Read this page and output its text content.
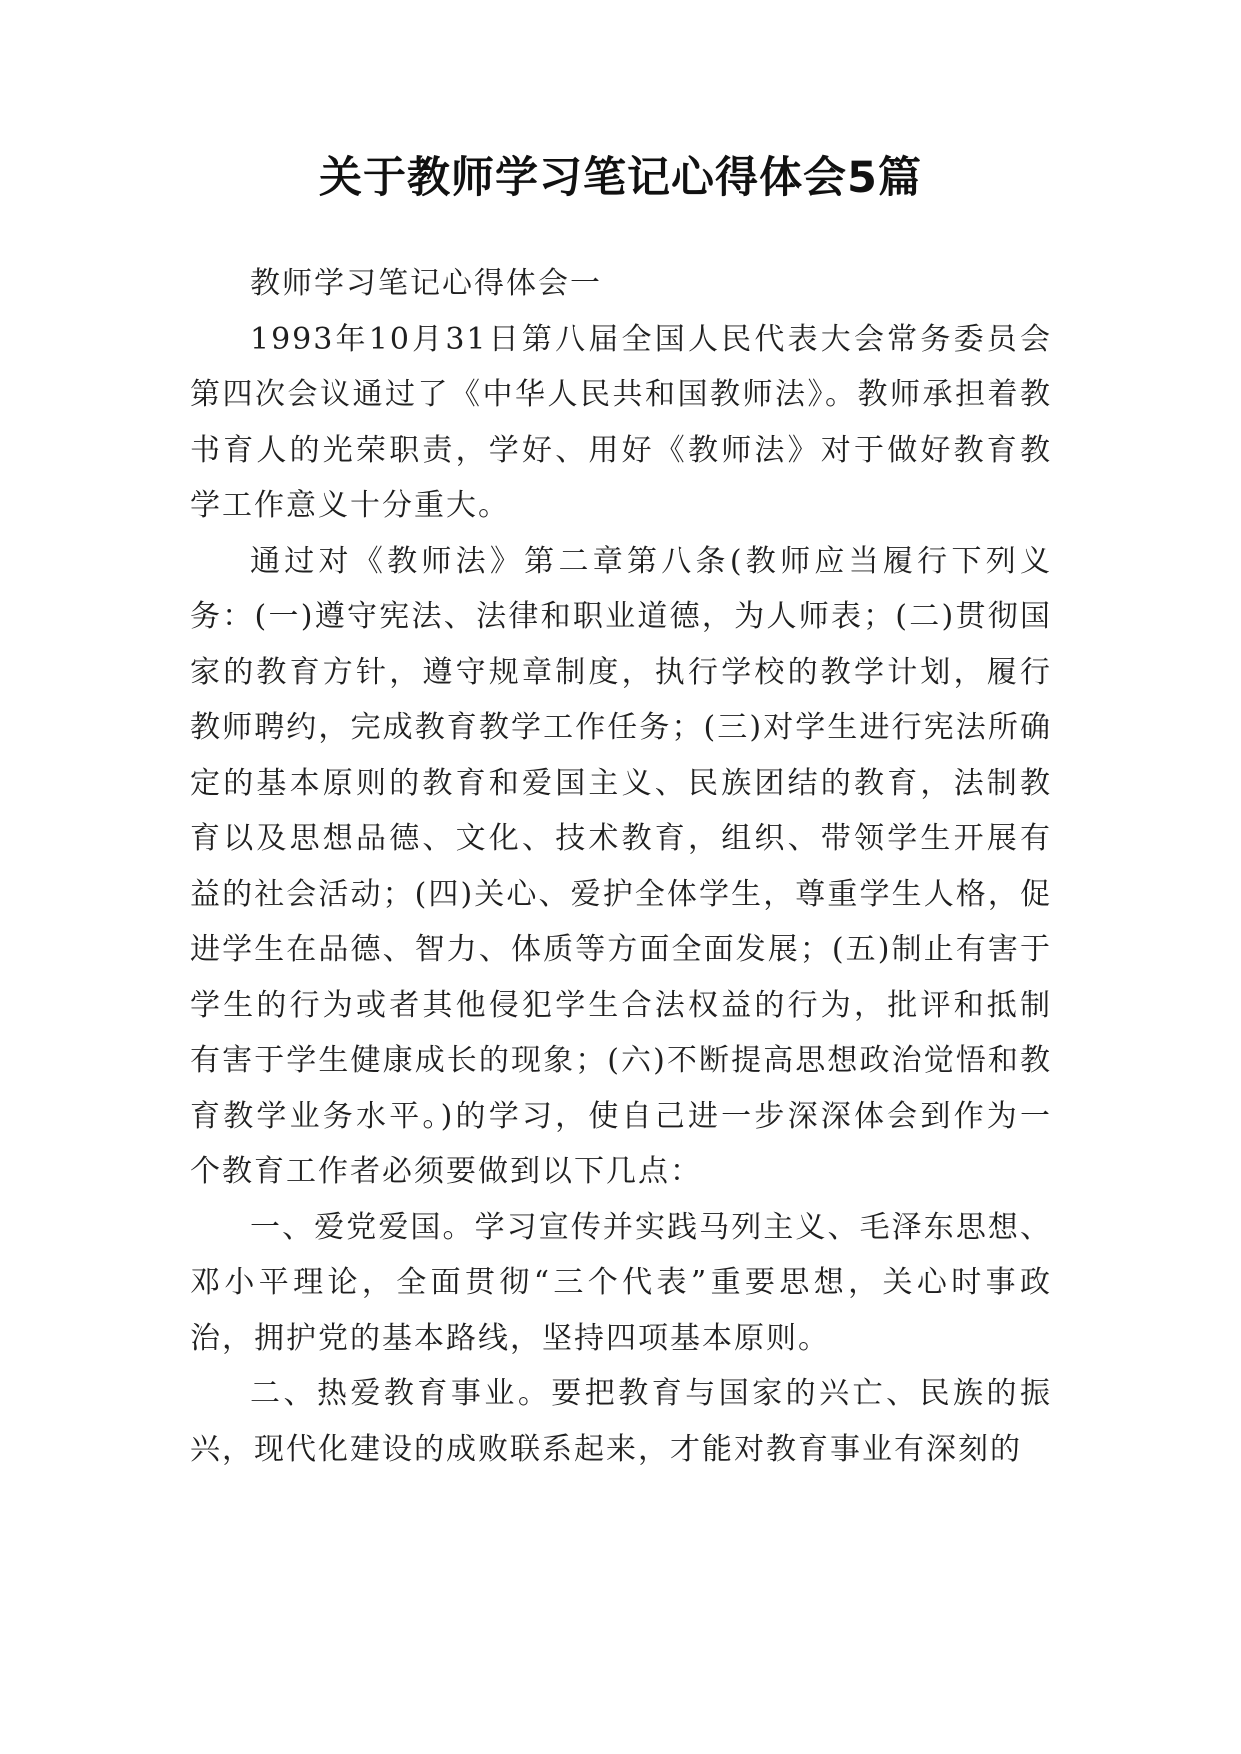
关于教师学习笔记心得体会5篇

教师学习笔记心得体会一

1993年10月31日第八届全国人民代表大会常务委员会第四次会议通过了《中华人民共和国教师法》。教师承担着教书育人的光荣职责，学好、用好《教师法》对于做好教育教学工作意义十分重大。

通过对《教师法》第二章第八条(教师应当履行下列义务：(一)遵守宪法、法律和职业道德，为人师表；(二)贯彻国家的教育方针，遵守规章制度，执行学校的教学计划，履行教师聘约，完成教育教学工作任务；(三)对学生进行宪法所确定的基本原则的教育和爱国主义、民族团结的教育，法制教育以及思想品德、文化、技术教育，组织、带领学生开展有益的社会活动；(四)关心、爱护全体学生，尊重学生人格，促进学生在品德、智力、体质等方面全面发展；(五)制止有害于学生的行为或者其他侵犯学生合法权益的行为，批评和抵制有害于学生健康成长的现象；(六)不断提高思想政治觉悟和教育教学业务水平。)的学习，使自己进一步深深体会到作为一个教育工作者必须要做到以下几点：

一、爱党爱国。学习宣传并实践马列主义、毛泽东思想、邓小平理论，全面贯彻“三个代表”重要思想，关心时事政治，拥护党的基本路线，坚持四项基本原则。

二、热爱教育事业。要把教育与国家的兴亡、民族的振兴，现代化建设的成败联系起来，才能对教育事业有深刻的
